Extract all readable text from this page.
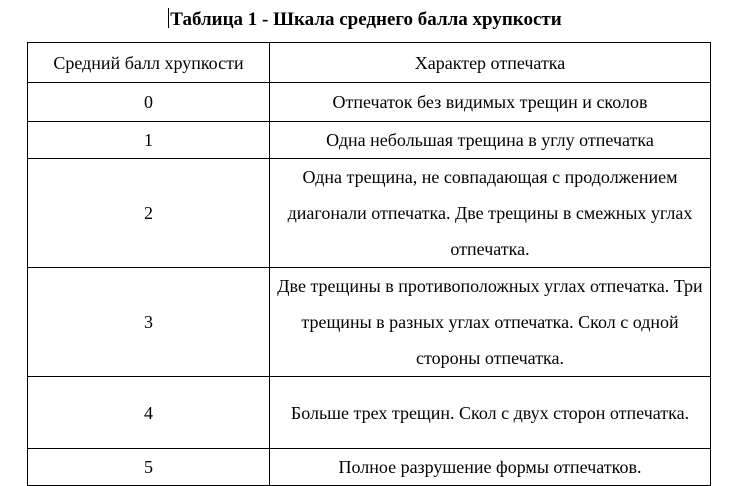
Таблица 1 - Шкала среднего балла хрупкости
Средний балл хрупкости	Характер отпечатка
0	Отпечаток без видимых трещин и сколов
1	Одна небольшая трещина в углу отпечатка
2	Одна трещина, не совпадающая с продолжением диагонали отпечатка. Две трещины в смежных углах отпечатка.
3	Две трещины в противоположных углах отпечатка. Три трещины в разных углах отпечатка. Скол с одной стороны отпечатка.
4	Больше трех трещин. Скол с двух сторон отпечатка.
5	Полное разрушение формы отпечатков.
